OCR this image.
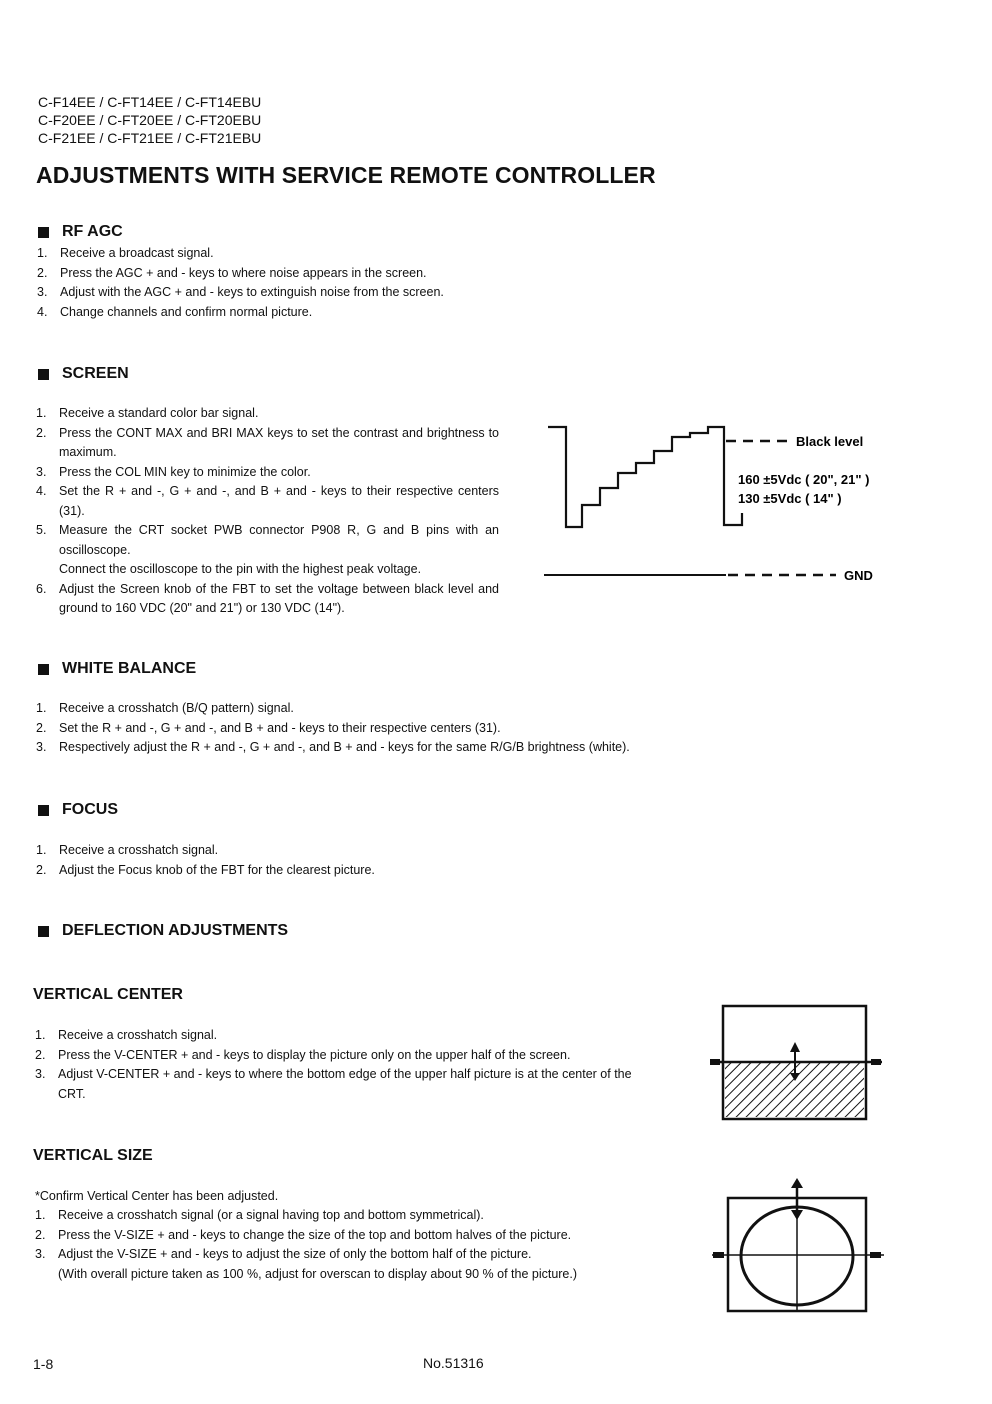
C-F14EE / C-FT14EE / C-FT14EBU
C-F20EE / C-FT20EE / C-FT20EBU
C-F21EE / C-FT21EE / C-FT21EBU
ADJUSTMENTS WITH SERVICE REMOTE CONTROLLER
RF AGC
1. Receive a broadcast signal.
2. Press the AGC + and - keys to where noise appears in the screen.
3. Adjust with the AGC + and - keys to extinguish noise from the screen.
4. Change channels and confirm normal picture.
SCREEN
1. Receive a standard color bar signal.
2. Press the CONT MAX and BRI MAX keys to set the contrast and brightness to maximum.
3. Press the COL MIN key to minimize the color.
4. Set the R + and -, G + and -, and B + and - keys to their respective centers (31).
5. Measure the CRT socket PWB connector P908 R, G and B pins with an oscilloscope.
Connect the oscilloscope to the pin with the highest peak voltage.
6. Adjust the Screen knob of the FBT to set the voltage between black level and ground to 160 VDC (20" and 21") or 130 VDC (14").
Black level
160 ±5Vdc ( 20", 21" )
130 ±5Vdc ( 14" )
GND
WHITE BALANCE
1. Receive a crosshatch (B/Q pattern) signal.
2. Set the R + and -, G + and -, and B + and - keys to their respective centers (31).
3. Respectively adjust the R + and -, G + and -, and B + and - keys for the same R/G/B brightness (white).
FOCUS
1. Receive a crosshatch signal.
2. Adjust the Focus knob of the FBT for the clearest picture.
DEFLECTION ADJUSTMENTS
VERTICAL CENTER
1. Receive a crosshatch signal.
2. Press the V-CENTER + and - keys to display the picture only on the upper half of the screen.
3. Adjust V-CENTER + and - keys to where the bottom edge of the upper half picture is at the center of the CRT.
VERTICAL SIZE
*Confirm Vertical Center has been adjusted.
1. Receive a crosshatch signal (or a signal having top and bottom symmetrical).
2. Press the V-SIZE + and - keys to change the size of the top and bottom halves of the picture.
3. Adjust the V-SIZE + and - keys to adjust the size of only the bottom half of the picture.
(With overall picture taken as 100 %, adjust for overscan to display about 90 % of the picture.)
1-8	No.51316
